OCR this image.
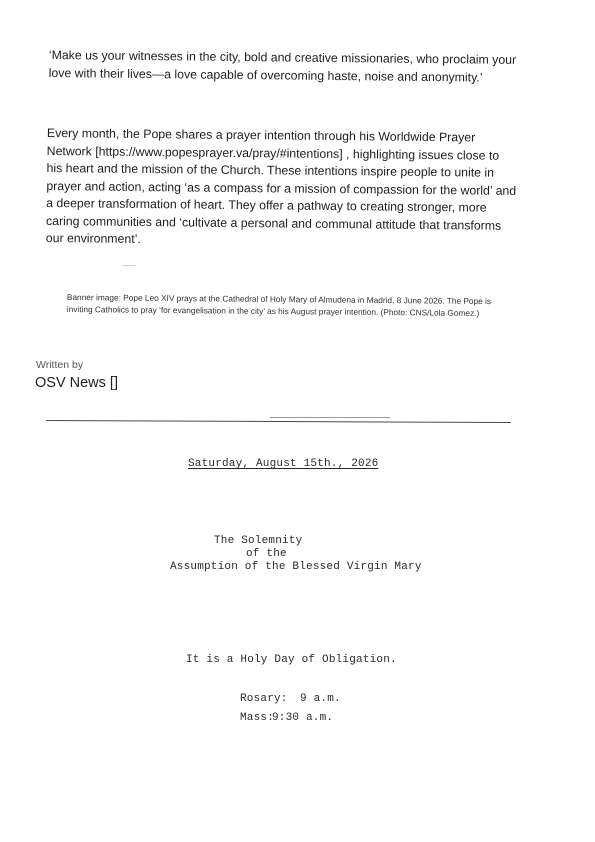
‘Make us your witnesses in the city, bold and creative missionaries, who proclaim your love with their lives—a love capable of overcoming haste, noise and anonymity.’
Every month, the Pope shares a prayer intention through his Worldwide Prayer Network [https://www.popesprayer.va/pray/#intentions] , highlighting issues close to his heart and the mission of the Church. These intentions inspire people to unite in prayer and action, acting ‘as a compass for a mission of compassion for the world’ and a deeper transformation of heart. They offer a pathway to creating stronger, more caring communities and ‘cultivate a personal and communal attitude that transforms our environment’.
Banner image: Pope Leo XIV prays at the Cathedral of Holy Mary of Almudena in Madrid, 8 June 2026. The Pope is inviting Catholics to pray ‘for evangelisation in the city’ as his August prayer intention. (Photo: CNS/Lola Gomez.)
Written by
OSV News []
Saturday, August 15th., 2026
The Solemnity
of the
Assumption of the Blessed Virgin Mary
It is a Holy Day of Obligation.
Rosary: 9 a.m.
Mass:
9:30 a.m.
